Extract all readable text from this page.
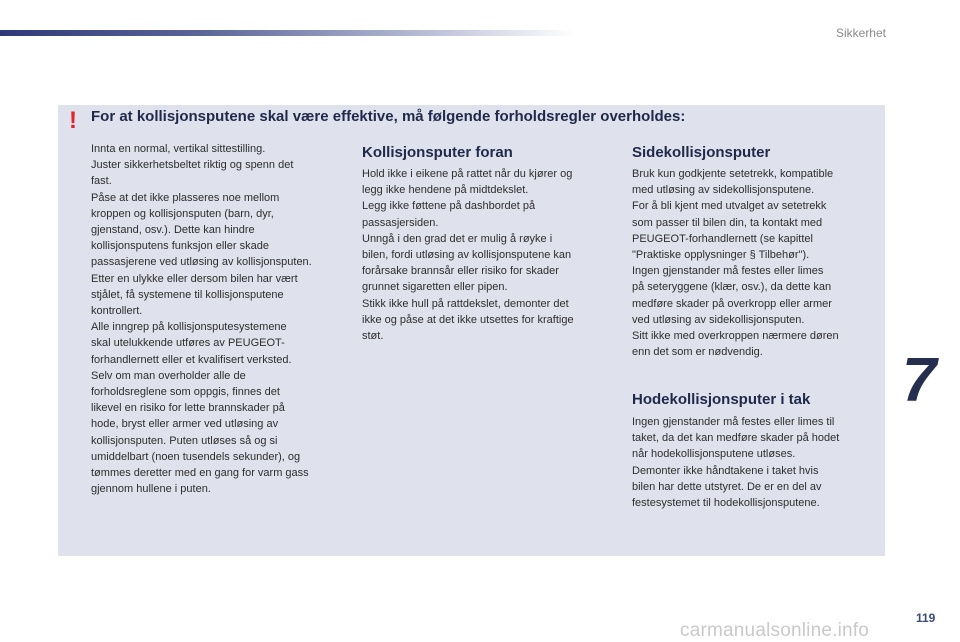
Sikkerhet
! For at kollisjonsputene skal være effektive, må følgende forholdsregler overholdes:

Innta en normal, vertikal sittestilling.

Juster sikkerhetsbeltet riktig og spenn det

fast.

Påse at det ikke plasseres noe mellom

kroppen og kollisjonsputen (barn, dyr,

gjenstand, osv.). Dette kan hindre

kollisjonsputens funksjon eller skade

passasjerene ved utløsing av kollisjonsputen.

Etter en ulykke eller dersom bilen har vært

stjålet, få systemene til kollisjonsputene

kontrollert.

Alle inngrep på kollisjonsputesystemene

skal utelukkende utføres av PEUGEOT-

forhandlernett eller et kvalifisert verksted.

Selv om man overholder alle de

forholdsreglene som oppgis, finnes det

likevel en risiko for lette brannskader på

hode, bryst eller armer ved utløsing av

kollisjonsputen. Puten utløses så og si

umiddelbart (noen tusendels sekunder), og

tømmes deretter med en gang for varm gass

gjennom hullene i puten.

Kollisjonsputer foran

Hold ikke i eikene på rattet når du kjører og

legg ikke hendene på midtdekslet.

Legg ikke føttene på dashbordet på

passasjersiden.

Unngå i den grad det er mulig å røyke i

bilen, fordi utløsing av kollisjonsputene kan

forårsake brannsår eller risiko for skader

grunnet sigaretten eller pipen.

Stikk ikke hull på rattdekslet, demonter det

ikke og påse at det ikke utsettes for kraftige

støt.

Sidekollisjonsputer

Bruk kun godkjente setetrekk, kompatible

med utløsing av sidekollisjonsputene.

For å bli kjent med utvalget av setetrekk

som passer til bilen din, ta kontakt med

PEUGEOT-forhandlernett (se kapittel

"Praktiske opplysninger § Tilbehør").

Ingen gjenstander må festes eller limes

på seteryggene (klær, osv.), da dette kan

medføre skader på overkropp eller armer

ved utløsing av sidekollisjonsputen.

Sitt ikke med overkroppen nærmere døren

enn det som er nødvendig.

Hodekollisjonsputer i tak

Ingen gjenstander må festes eller limes til

taket, da det kan medføre skader på hodet

når hodekollisjonsputene utløses.

Demonter ikke håndtakene i taket hvis

bilen har dette utstyret. De er en del av

festesystemet til hodekollisjonsputene.

7
carmanualsonline.info
119
